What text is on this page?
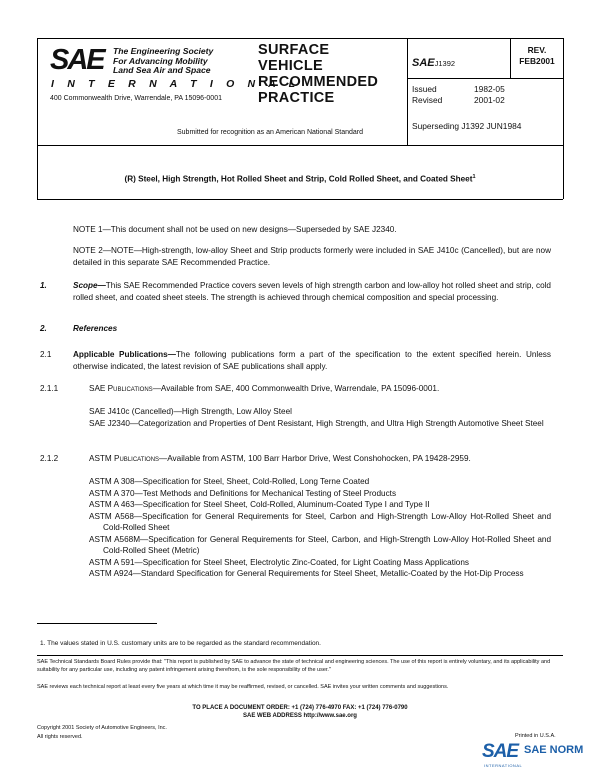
SAE The Engineering Society
For Advancing Mobility
Land Sea Air and Space
I N T E R N A T I O N A L
400 Commonwealth Drive, Warrendale, PA 15096-0001
SURFACE
VEHICLE
RECOMMENDED
PRACTICE
Submitted for recognition as an American National Standard
SAEJ1392
REV.
FEB2001
Issued	1982-05
Revised	2001-02
Superseding J1392 JUN1984
(R) Steel, High Strength, Hot Rolled Sheet and Strip, Cold Rolled Sheet, and Coated Sheet$^1$
NOTE 1—This document shall not be used on new designs—Superseded by SAE J2340.
NOTE 2—NOTE—High-strength, low-alloy Sheet and Strip products formerly were included in SAE J410c (Cancelled), but are now detailed in this separate SAE Recommended Practice.
1.	Scope—This SAE Recommended Practice covers seven levels of high strength carbon and low-alloy hot rolled sheet and strip, cold rolled sheet, and coated sheet steels. The strength is achieved through chemical composition and special processing.
2.	References
2.1	Applicable Publications—The following publications form a part of the specification to the extent specified herein. Unless otherwise indicated, the latest revision of SAE publications shall apply.
2.1.1	SAE Publications—Available from SAE, 400 Commonwealth Drive, Warrendale, PA 15096-0001.
SAE J410c (Cancelled)—High Strength, Low Alloy Steel
SAE J2340—Categorization and Properties of Dent Resistant, High Strength, and Ultra High Strength Automotive Sheet Steel
2.1.2	ASTM Publications—Available from ASTM, 100 Barr Harbor Drive, West Conshohocken, PA 19428-2959.
ASTM A 308—Specification for Steel, Sheet, Cold-Rolled, Long Terne Coated
ASTM A 370—Test Methods and Definitions for Mechanical Testing of Steel Products
ASTM A 463—Specification for Steel Sheet, Cold-Rolled, Aluminum-Coated Type I and Type II
ASTM A568—Specification for General Requirements for Steel, Carbon and High-Strength Low-Alloy Hot-Rolled Sheet and Cold-Rolled Sheet
ASTM A568M—Specification for General Requirements for Steel, Carbon, and High-Strength Low-Alloy Hot-Rolled Sheet and Cold-Rolled Sheet (Metric)
ASTM A 591—Specification for Steel Sheet, Electrolytic Zinc-Coated, for Light Coating Mass Applications
ASTM A924—Standard Specification for General Requirements for Steel Sheet, Metallic-Coated by the Hot-Dip Process
1. The values stated in U.S. customary units are to be regarded as the standard recommendation.
SAE Technical Standards Board Rules provide that: "This report is published by SAE to advance the state of technical and engineering sciences. The use of this report is entirely voluntary, and its applicability and suitability for any particular use, including any patent infringement arising therefrom, is the sole responsibility of the user."
SAE reviews each technical report at least every five years at which time it may be reaffirmed, revised, or cancelled. SAE invites your written comments and suggestions.
TO PLACE A DOCUMENT ORDER: +1 (724) 776-4970 FAX: +1 (724) 776-0790
SAE WEB ADDRESS http://www.sae.org
Copyright 2001 Society of Automotive Engineers, Inc.
All rights reserved.	Printed in U.S.A.
SAE SAE NORM
INTERNATIONAL
